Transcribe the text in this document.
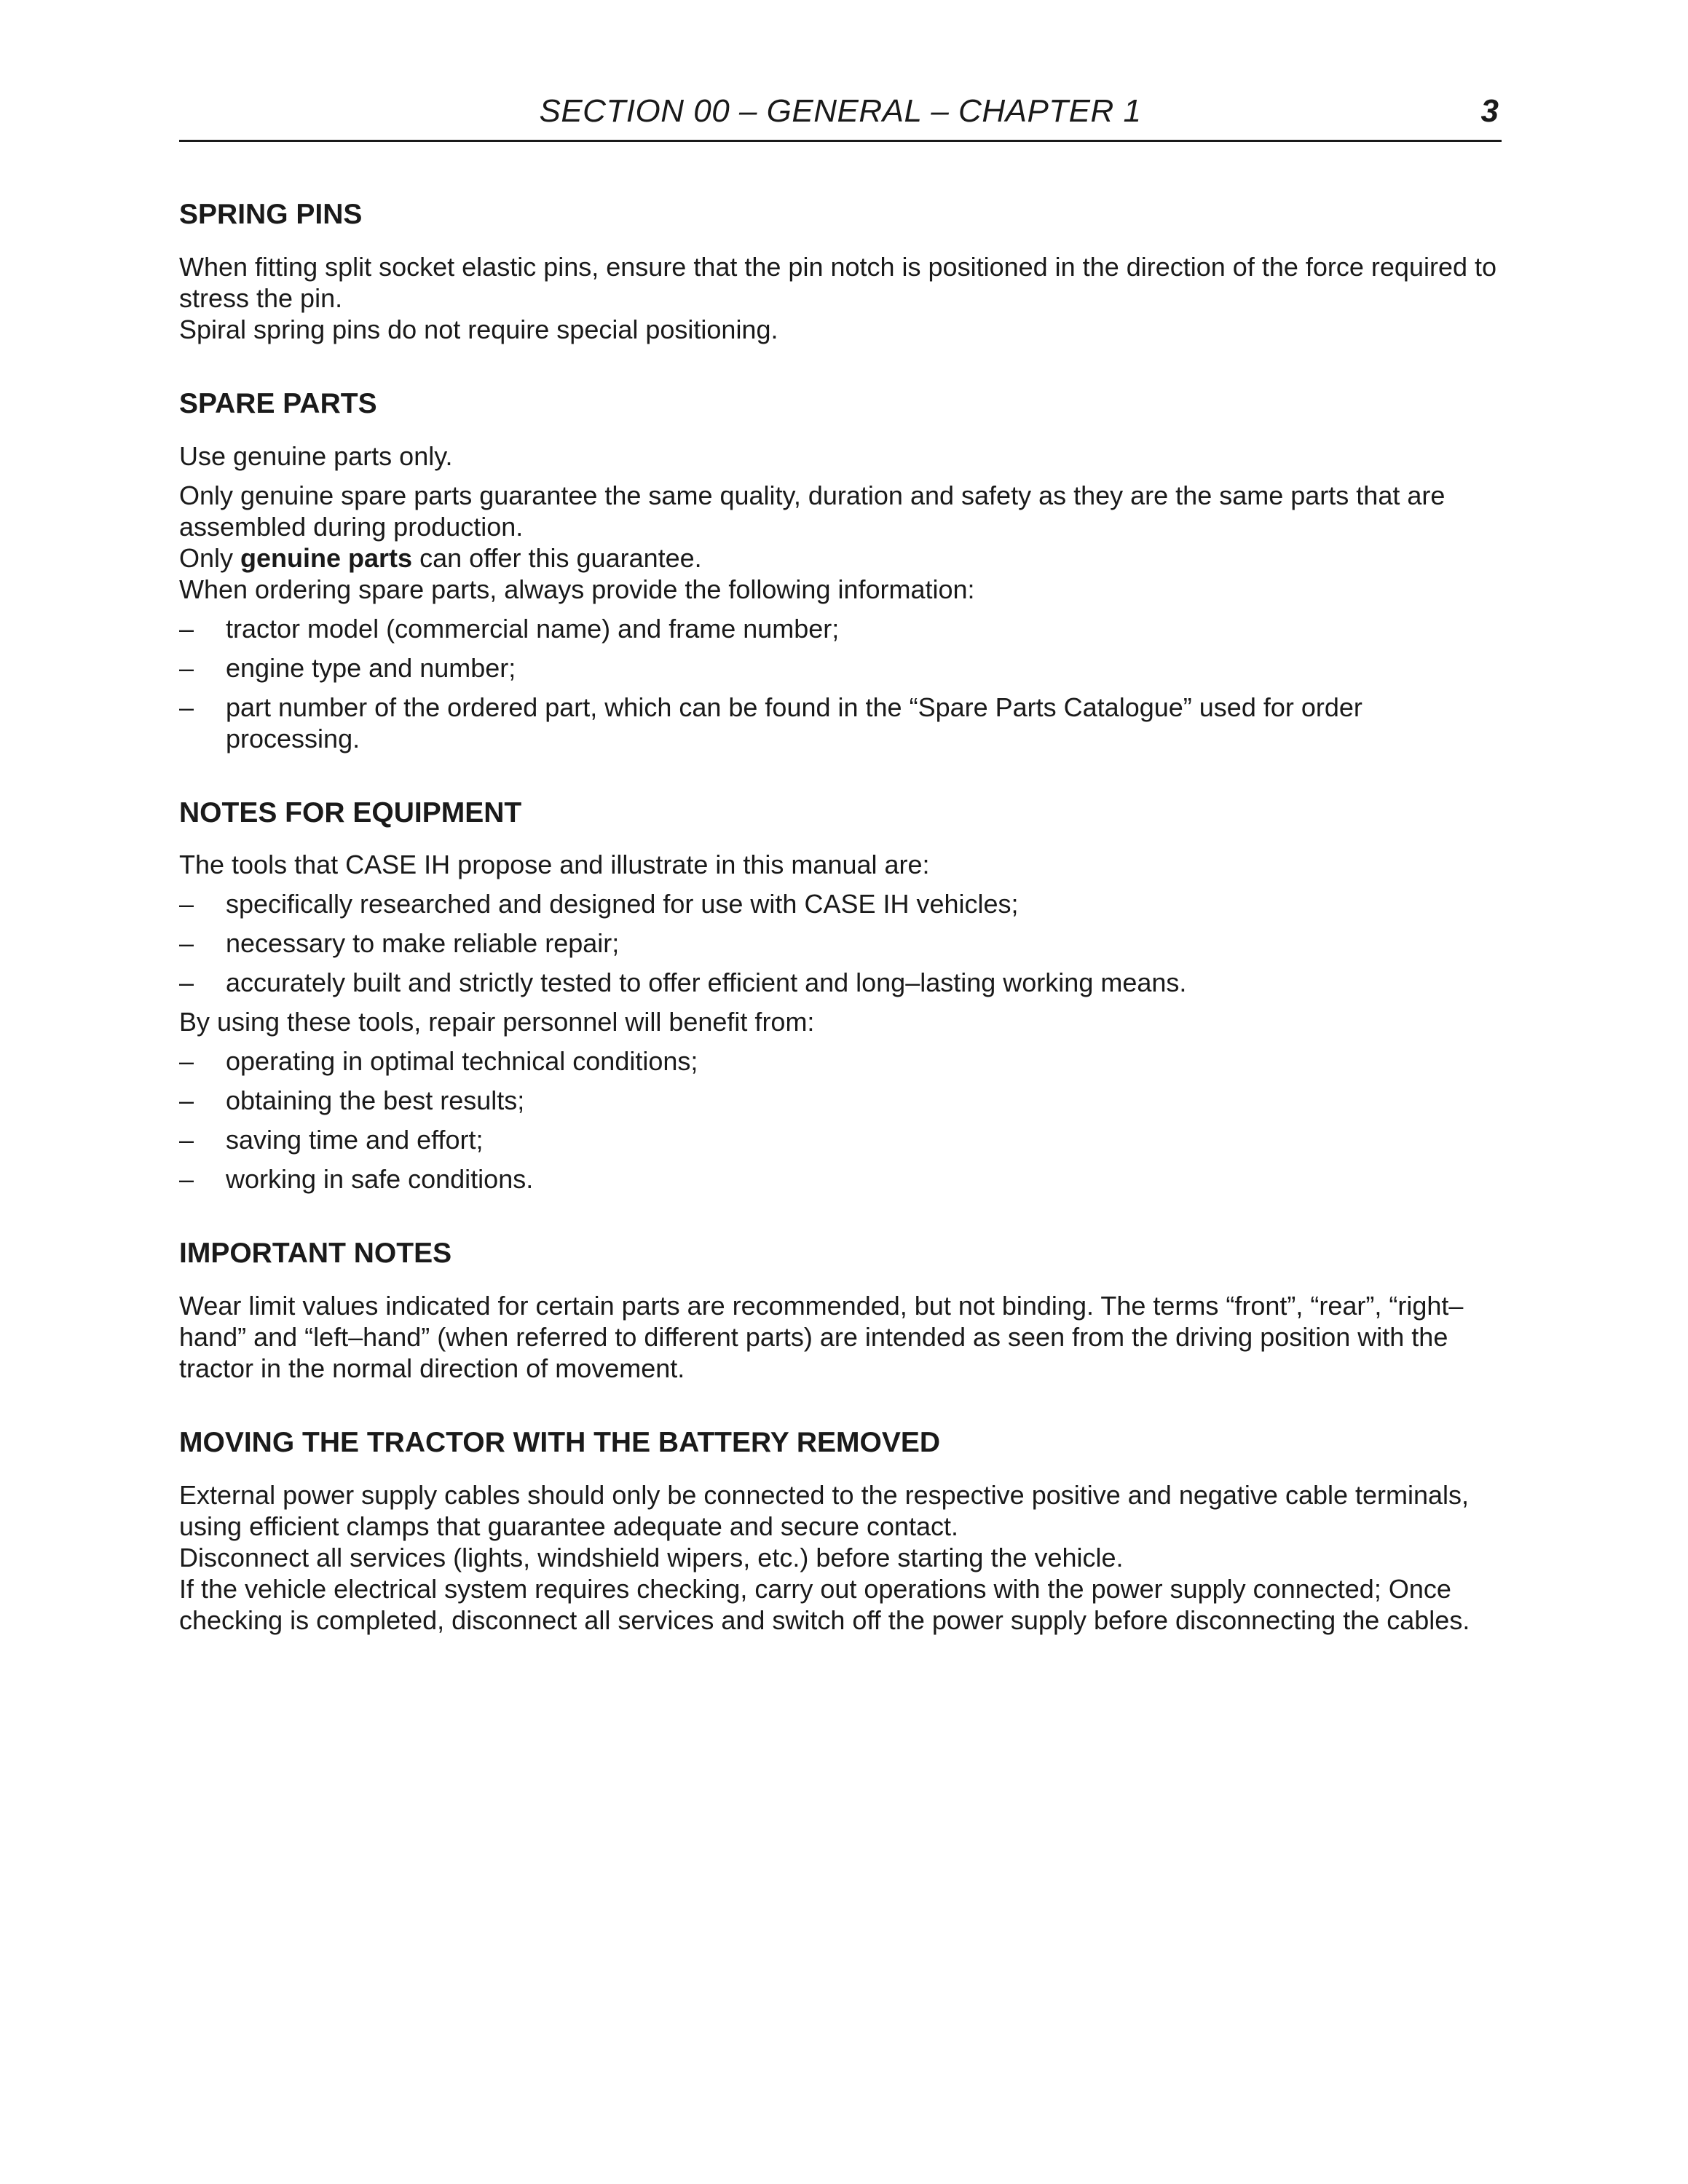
SECTION 00 – GENERAL – CHAPTER 1	3
SPRING PINS

When fitting split socket elastic pins, ensure that the pin notch is positioned in the direction of the force required to stress the pin.

Spiral spring pins do not require special positioning.

SPARE PARTS

Use genuine parts only.

Only genuine spare parts guarantee the same quality, duration and safety as they are the same parts that are assembled during production.

Only genuine parts can offer this guarantee.

When ordering spare parts, always provide the following information:

– tractor model (commercial name) and frame number;
– engine type and number;
– part number of the ordered part, which can be found in the “Spare Parts Catalogue” used for order processing.
NOTES FOR EQUIPMENT

The tools that CASE IH propose and illustrate in this manual are:

– specifically researched and designed for use with CASE IH vehicles;
– necessary to make reliable repair;
– accurately built and strictly tested to offer efficient and long–lasting working means.

By using these tools, repair personnel will benefit from:

– operating in optimal technical conditions;
– obtaining the best results;
– saving time and effort;
– working in safe conditions.
IMPORTANT NOTES

Wear limit values indicated for certain parts are recommended, but not binding. The terms “front”, “rear”, “right–hand” and “left–hand” (when referred to different parts) are intended as seen from the driving position with the tractor in the normal direction of movement.

MOVING THE TRACTOR WITH THE BATTERY REMOVED

External power supply cables should only be connected to the respective positive and negative cable terminals, using efficient clamps that guarantee adequate and secure contact.

Disconnect all services (lights, windshield wipers, etc.) before starting the vehicle.

If the vehicle electrical system requires checking, carry out operations with the power supply connected; Once checking is completed, disconnect all services and switch off the power supply before disconnecting the cables.
